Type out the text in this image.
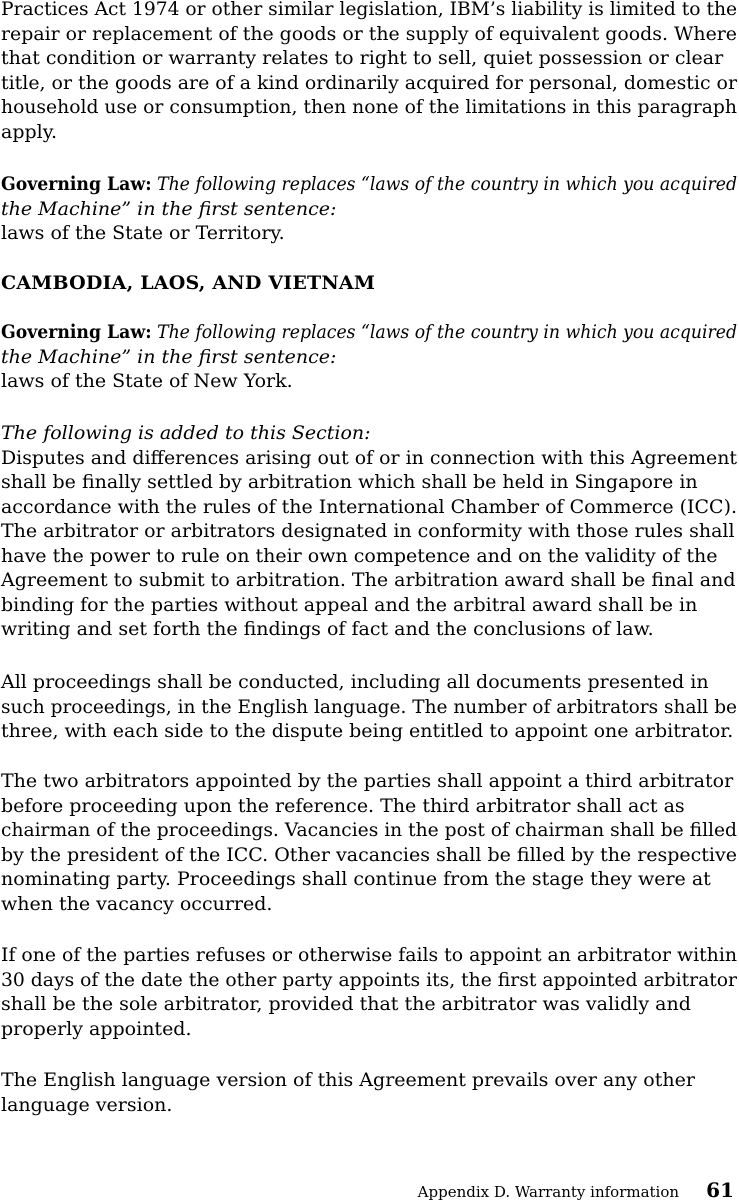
Practices Act 1974 or other similar legislation, IBM’s liability is limited to the
repair or replacement of the goods or the supply of equivalent goods. Where
that condition or warranty relates to right to sell, quiet possession or clear
title, or the goods are of a kind ordinarily acquired for personal, domestic or
household use or consumption, then none of the limitations in this paragraph
apply.
Governing Law: The following replaces “laws of the country in which you acquired
the Machine” in the first sentence:
laws of the State or Territory.
CAMBODIA, LAOS, AND VIETNAM
Governing Law: The following replaces “laws of the country in which you acquired
the Machine” in the first sentence:
laws of the State of New York.
The following is added to this Section:
Disputes and differences arising out of or in connection with this Agreement
shall be finally settled by arbitration which shall be held in Singapore in
accordance with the rules of the International Chamber of Commerce (ICC).
The arbitrator or arbitrators designated in conformity with those rules shall
have the power to rule on their own competence and on the validity of the
Agreement to submit to arbitration. The arbitration award shall be final and
binding for the parties without appeal and the arbitral award shall be in
writing and set forth the findings of fact and the conclusions of law.
All proceedings shall be conducted, including all documents presented in
such proceedings, in the English language. The number of arbitrators shall be
three, with each side to the dispute being entitled to appoint one arbitrator.
The two arbitrators appointed by the parties shall appoint a third arbitrator
before proceeding upon the reference. The third arbitrator shall act as
chairman of the proceedings. Vacancies in the post of chairman shall be filled
by the president of the ICC. Other vacancies shall be filled by the respective
nominating party. Proceedings shall continue from the stage they were at
when the vacancy occurred.
If one of the parties refuses or otherwise fails to appoint an arbitrator within
30 days of the date the other party appoints its, the first appointed arbitrator
shall be the sole arbitrator, provided that the arbitrator was validly and
properly appointed.
The English language version of this Agreement prevails over any other
language version.
Appendix D. Warranty information 61
